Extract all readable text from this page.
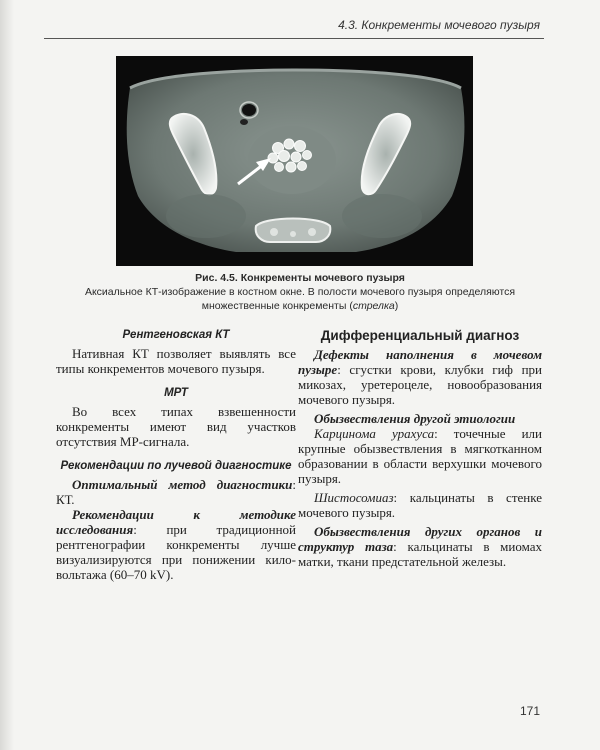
4.3. Конкременты мочевого пузыря
Рис. 4.5. Конкременты мочевого пузыря
Аксиальное КТ-изображение в костном окне. В полости мочевого пузыря определяются
множественные конкременты (стрелка)
Рентгеновская КТ

Нативная КТ позволяет выявлять все типы конкрементов мочевого пузыря.

МРТ

Во всех типах взвешенности конкременты имеют вид участков отсутствия МР-сигнала.

Рекомендации по лучевой диагностике

Оптимальный метод диагностики: КТ.

Рекомендации к методике исследования: при традиционной рентгенографии конкременты лучше визуализируются при понижении киловольтажа (60–70 kV).

Дифференциальный диагноз

Дефекты наполнения в мочевом пузыре: сгустки крови, клубки гиф при микозах, уретероцеле, новообразования мочевого пузыря.

Обызвествления другой этиологии

Карцинома урахуса: точечные или крупные обызвествления в мягкотканном образовании в области верхушки мочевого пузыря.

Шистосомиаз: кальцинаты в стенке мочевого пузыря.

Обызвествления других органов и структур таза: кальцинаты в миомах матки, ткани предстательной железы.

171
